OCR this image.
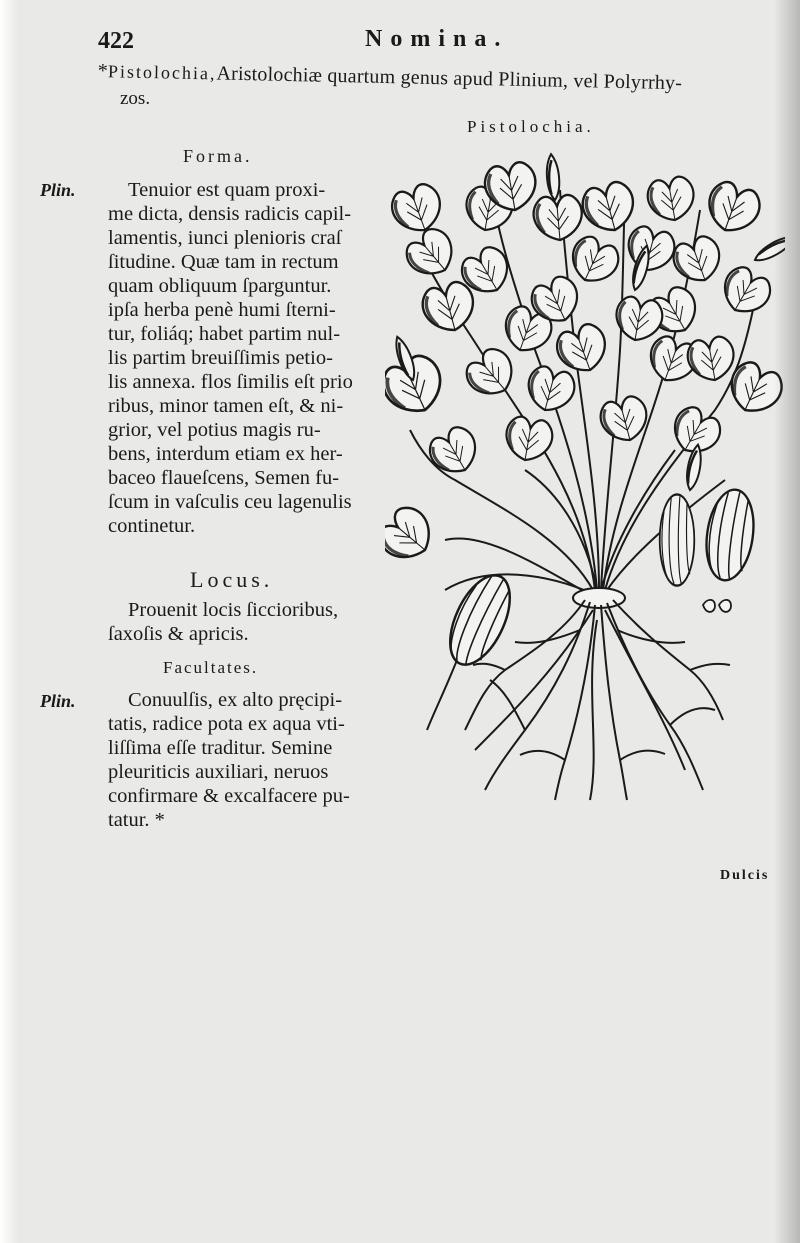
422	Nomina.
*Pistolochia,Aristolochiæ quartum genus apud Plinium, vel Polyrrhy-
zos.
Pistolochia.
Forma.
Plin.	Tenuior est quam proxi-
me dicta, densis radicis capil-
lamentis, iunci plenioris craſ
ſitudine. Quæ tam in rectum
quam obliquum ſparguntur.
ipſa herba penè humi ſterni-
tur, foliáq; habet partim nul-
lis partim breuiſſimis petio-
lis annexa. flos ſimilis eſt prio
ribus, minor tamen eſt, & ni-
grior, vel potius magis ru-
bens, interdum etiam ex her-
baceo flaueſcens, Semen fu-
ſcum in vaſculis ceu lagenulis
continetur.
Locus.
Prouenit locis ſiccioribus,
ſaxoſis & apricis.
Facultates.
Plin.	Conuulſis, ex alto pręcipi-
tatis, radice pota ex aqua vti-
liſſima eſſe traditur. Semine
pleuriticis auxiliari, neruos
confirmare & excalfacere pu-
tatur. *
Dulcis
